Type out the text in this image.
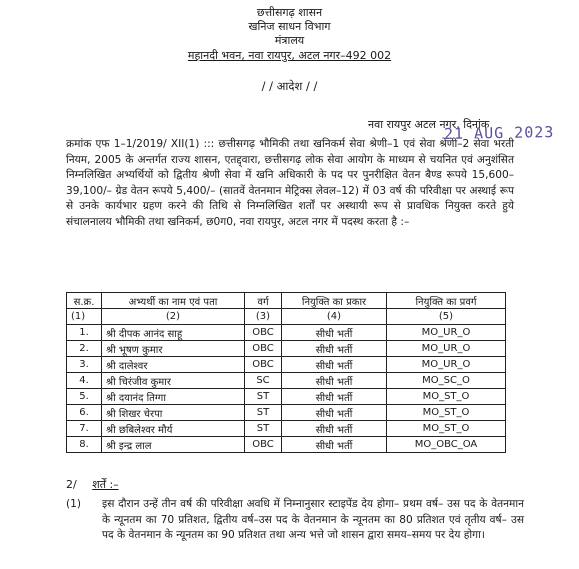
छत्तीसगढ़ शासन
खनिज साधन विभाग
मंत्रालय
महानदी भवन, नवा रायपुर, अटल नगर–492 002
/ / आदेश / /
नवा रायपुर अटल नगर, दिनांक
21 AUG 2023
क्रमांक एफ 1–1/2019/ XII(1) ::: छत्तीसगढ़ भौमिकी तथा खनिकर्म सेवा श्रेणी–1 एवं सेवा श्रेणी–2 सेवा भरती नियम, 2005 के अन्तर्गत राज्य शासन, एतद्द्वारा, छत्तीसगढ़ लोक सेवा आयोग के माध्यम से चयनित एवं अनुशंसित निम्नलिखित अभ्यर्थियों को द्वितीय श्रेणी सेवा में खनि अधिकारी के पद पर पुनरीक्षित वेतन बैण्ड रूपये 15,600–39,100/– ग्रेड वेतन रूपये 5,400/– (सातवें वेतनमान मेट्रिक्स लेवल–12) में 03 वर्ष की परिवीक्षा पर अस्थाई रूप से उनके कार्यभार ग्रहण करने की तिथि से निम्नलिखित शर्तों पर अस्थायी रूप से प्रावधिक नियुक्त करते हुये संचालनालय भौमिकी तथा खनिकर्म, छ0ग0, नवा रायपुर, अटल नगर में पदस्थ करता है :–
स.क्र.	अभ्यर्थी का नाम एवं पता	वर्ग	नियुक्ति का प्रकार	नियुक्ति का प्रवर्ग
(1)	(2)	(3)	(4)	(5)
1.	श्री दीपक आनंद साहू	OBC	सीधी भर्ती	MO_UR_O
2.	श्री भूषण कुमार	OBC	सीधी भर्ती	MO_UR_O
3.	श्री दालेश्वर	OBC	सीधी भर्ती	MO_UR_O
4.	श्री चिरंजीव कुमार	SC	सीधी भर्ती	MO_SC_O
5.	श्री दयानंद तिग्गा	ST	सीधी भर्ती	MO_ST_O
6.	श्री शिखर चेरपा	ST	सीधी भर्ती	MO_ST_O
7.	श्री छबिलेश्वर मौर्य	ST	सीधी भर्ती	MO_ST_O
8.	श्री इन्द्र लाल	OBC	सीधी भर्ती	MO_OBC_OA
2/ शर्तें :–
(1) इस दौरान उन्हें तीन वर्ष की परिवीक्षा अवधि में निम्नानुसार स्टाइपेंड देय होगा– प्रथम वर्ष– उस पद के वेतनमान के न्यूनतम का 70 प्रतिशत, द्वितीय वर्ष–उस पद के वेतनमान के न्यूनतम का 80 प्रतिशत एवं तृतीय वर्ष– उस पद के वेतनमान के न्यूनतम का 90 प्रतिशत तथा अन्य भत्ते जो शासन द्वारा समय–समय पर देय होगा।
